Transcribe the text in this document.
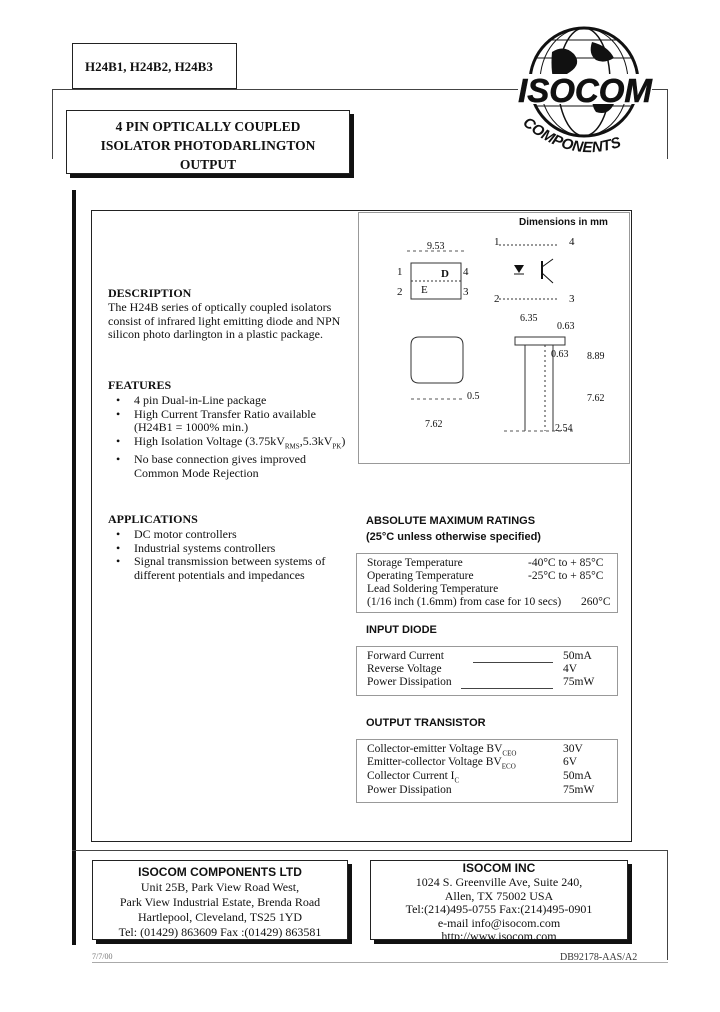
H24B1, H24B2, H24B3
ISOCOM
COMPONENTS
4 PIN OPTICALLY COUPLED
ISOLATOR PHOTODARLINGTON
OUTPUT
Dimensions in mm
9.53
1
2
4
3
D
E
1	4
2	3
6.35
0.63
0.63 8.89
0.5	7.62
7.62	2.54
DESCRIPTION
The H24B series of optically coupled isolators
consist of infrared light emitting diode and NPN
silicon photo darlington in a plastic package.
FEATURES
• 4 pin Dual-in-Line package
• High Current Transfer Ratio available
(H24B1 = 1000% min.)
• High Isolation Voltage $(3.75kV_{RMS},5.3kV_{PK})$
• No base connection gives improved
Common Mode Rejection
APPLICATIONS
• DC motor controllers
• Industrial systems controllers
• Signal transmission between systems of
different potentials and impedances
ABSOLUTE MAXIMUM RATINGS
(25°C unless otherwise specified)
Storage Temperature	-40°C to + 85°C
Operating Temperature	-25°C to + 85°C
Lead Soldering Temperature
(1/16 inch (1.6mm) from case for 10 secs) 260°C
INPUT DIODE
Forward Current	50mA
Reverse Voltage	4V
Power Dissipation	75mW
OUTPUT TRANSISTOR
Collector-emitter Voltage $BV_{CEO}$	30V
Emitter-collector Voltage $BV_{ECO}$	6V
Collector Current $I_C$	50mA
Power Dissipation	75mW
ISOCOM COMPONENTS LTD
Unit 25B, Park View Road West,
Park View Industrial Estate, Brenda Road
Hartlepool, Cleveland, TS25 1YD
Tel: (01429) 863609 Fax :(01429) 863581
ISOCOM INC
1024 S. Greenville Ave, Suite 240,
Allen, TX 75002 USA
Tel:(214)495-0755 Fax:(214)495-0901
e-mail info@isocom.com
http://www.isocom.com
7/7/00	DB92178-AAS/A2
